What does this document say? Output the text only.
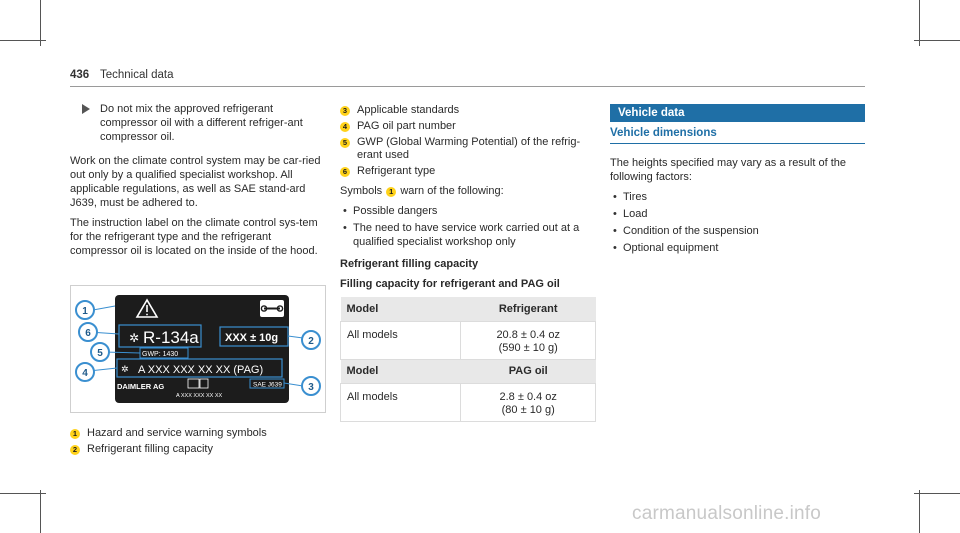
436 Technical data
Do not mix the approved refrigerant compressor oil with a different refriger-ant compressor oil.

Work on the climate control system may be car-ried out only by a qualified specialist workshop. All applicable regulations, as well as SAE stand-ard J639, must be adhered to.

The instruction label on the climate control sys-tem for the refrigerant type and the refrigerant compressor oil is located on the inside of the hood.

✲ R-134a XXX ± 10g
GWP: 1430
✲ A XXX XXX XX XX (PAG)
DAIMLER AG	SAE J639
A XXX XXX XX XX
1
6
5
4
2
3
1 Hazard and service warning symbols
2 Refrigerant filling capacity
3 Applicable standards
4 PAG oil part number
5 GWP (Global Warming Potential) of the refrig-erant used
6 Refrigerant type

Symbols 1 warn of the following:

• Possible dangers
• The need to have service work carried out at a qualified specialist workshop only
Refrigerant filling capacity
Filling capacity for refrigerant and PAG oil
Model	Refrigerant
All models	20.8 ± 0.4 oz
(590 ± 10 g)

Model	PAG oil
All models	2.8 ± 0.4 oz
(80 ± 10 g)
Vehicle data
Vehicle dimensions

The heights specified may vary as a result of the following factors:

• Tires
• Load
• Condition of the suspension
• Optional equipment
carmanualsonline.info
